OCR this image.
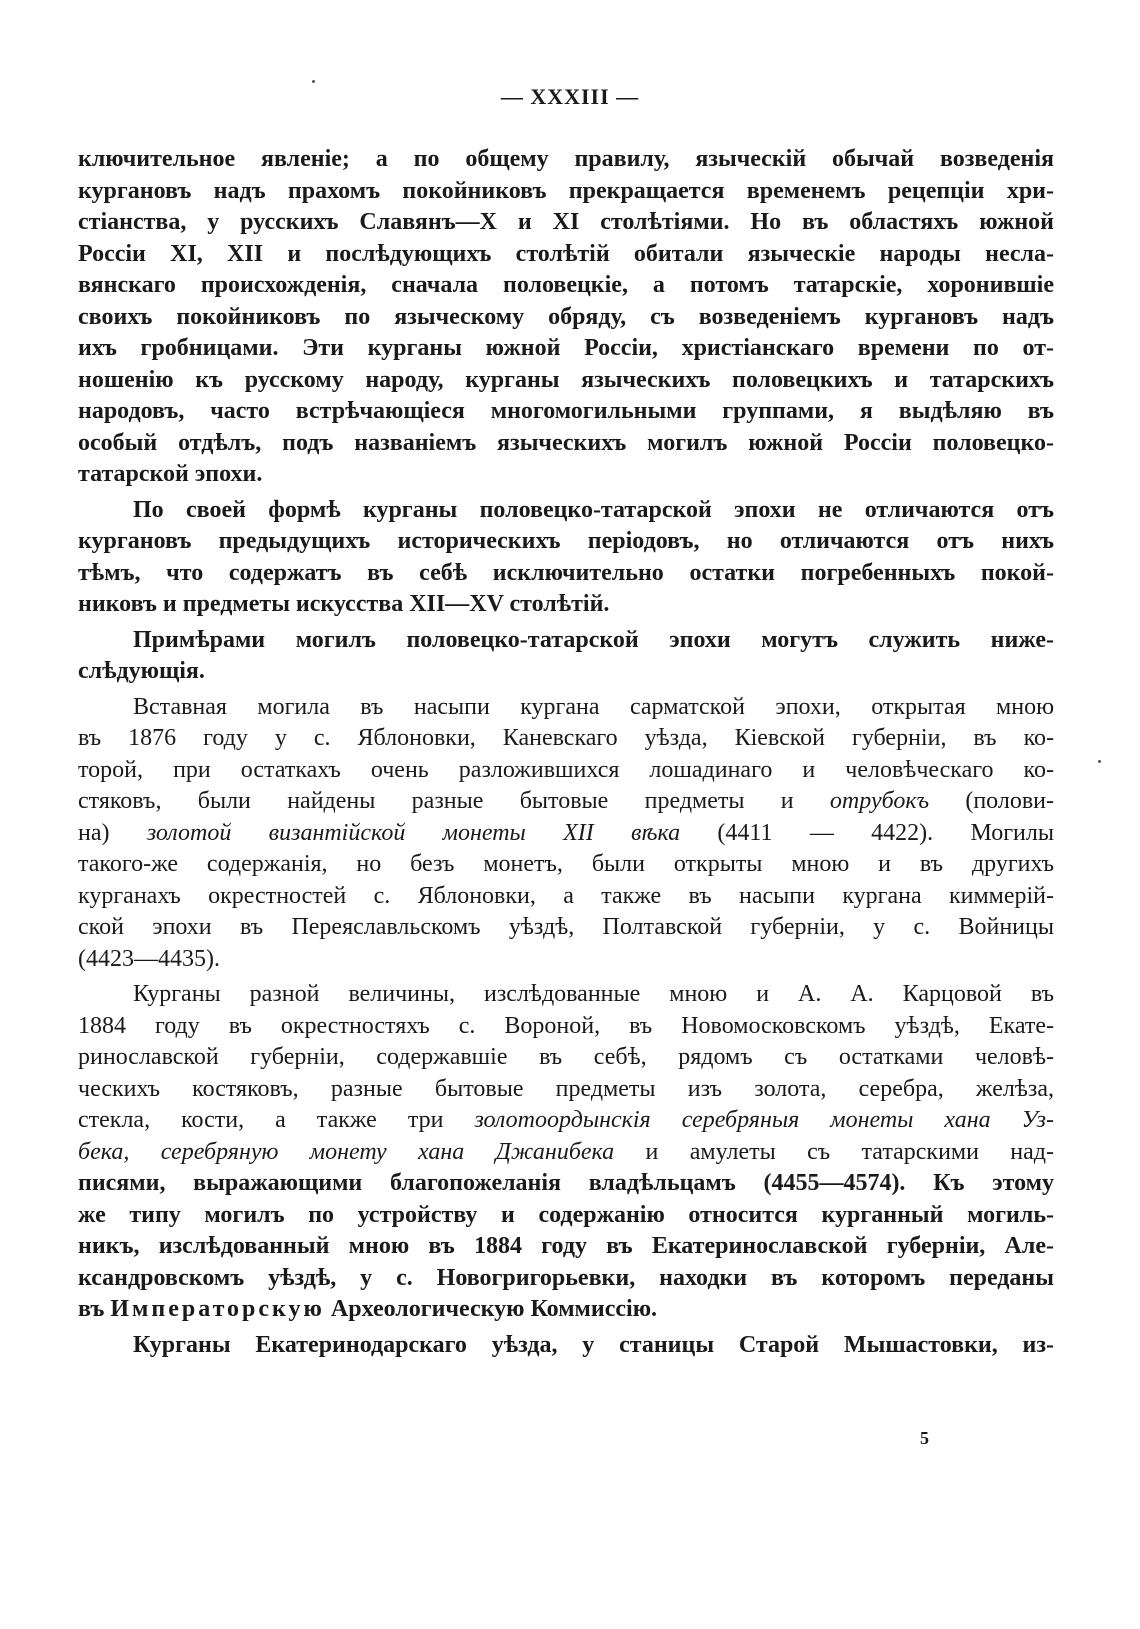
— XXXIII —

ключительное явленіе; а по общему правилу, языческій обычай возведенія
кургановъ надъ прахомъ покойниковъ прекращается временемъ рецепціи хри-
стіанства, у русскихъ Славянъ—X и XI столѣтіями. Но въ областяхъ южной
Россіи XI, XII и послѣдующихъ столѣтій обитали языческіе народы несла-
вянскаго происхожденія, сначала половецкіе, а потомъ татарскіе, хоронившіе
своихъ покойниковъ по языческому обряду, съ возведеніемъ кургановъ надъ
ихъ гробницами. Эти курганы южной Россіи, христіанскаго времени по от-
ношенію къ русскому народу, курганы языческихъ половецкихъ и татарскихъ
народовъ, часто встрѣчающіеся многомогильными группами, я выдѣляю въ
особый отдѣлъ, подъ названіемъ языческихъ могилъ южной Россіи половецко-
татарской эпохи.

По своей формѣ курганы половецко-татарской эпохи не отличаются отъ
кургановъ предыдущихъ историческихъ періодовъ, но отличаются отъ нихъ
тѣмъ, что содержатъ въ себѣ исключительно остатки погребенныхъ покой-
никовъ и предметы искусства XII—XV столѣтій.

Примѣрами могилъ половецко-татарской эпохи могутъ служить ниже-
слѣдующія.

Вставная могила въ насыпи кургана сарматской эпохи, открытая мною
въ 1876 году у с. Яблоновки, Каневскаго уѣзда, Кіевской губерніи, въ ко-
торой, при остаткахъ очень разложившихся лошадинаго и человѣческаго ко-
стяковъ, были найдены разные бытовые предметы и отрубокъ (полови-
на) золотой византійской монеты XII вѣка (4411 — 4422). Могилы
такого-же содержанія, но безъ монетъ, были открыты мною и въ другихъ
курганахъ окрестностей с. Яблоновки, а также въ насыпи кургана киммерій-
ской эпохи въ Переяславльскомъ уѣздѣ, Полтавской губерніи, у с. Войницы
(4423—4435).

Курганы разной величины, изслѣдованные мною и А. А. Карцовой въ
1884 году въ окрестностяхъ с. Вороной, въ Новомосковскомъ уѣздѣ, Екате-
ринославской губерніи, содержавшіе въ себѣ, рядомъ съ остатками человѣ-
ческихъ костяковъ, разные бытовые предметы изъ золота, серебра, желѣза,
стекла, кости, а также три золотоордынскія серебряныя монеты хана Уз-
бека, серебряную монету хана Джанибека и амулеты съ татарскими над-
писями, выражающими благопожеланія владѣльцамъ (4455—4574). Къ этому
же типу могилъ по устройству и содержанію относится курганный могиль-
никъ, изслѣдованный мною въ 1884 году въ Екатеринославской губерніи, Але-
ксандровскомъ уѣздѣ, у с. Новогригорьевки, находки въ которомъ переданы
въ Императорскую Археологическую Коммиссію.

Курганы Екатеринодарскаго уѣзда, у станицы Старой Мышастовки, из-

5
